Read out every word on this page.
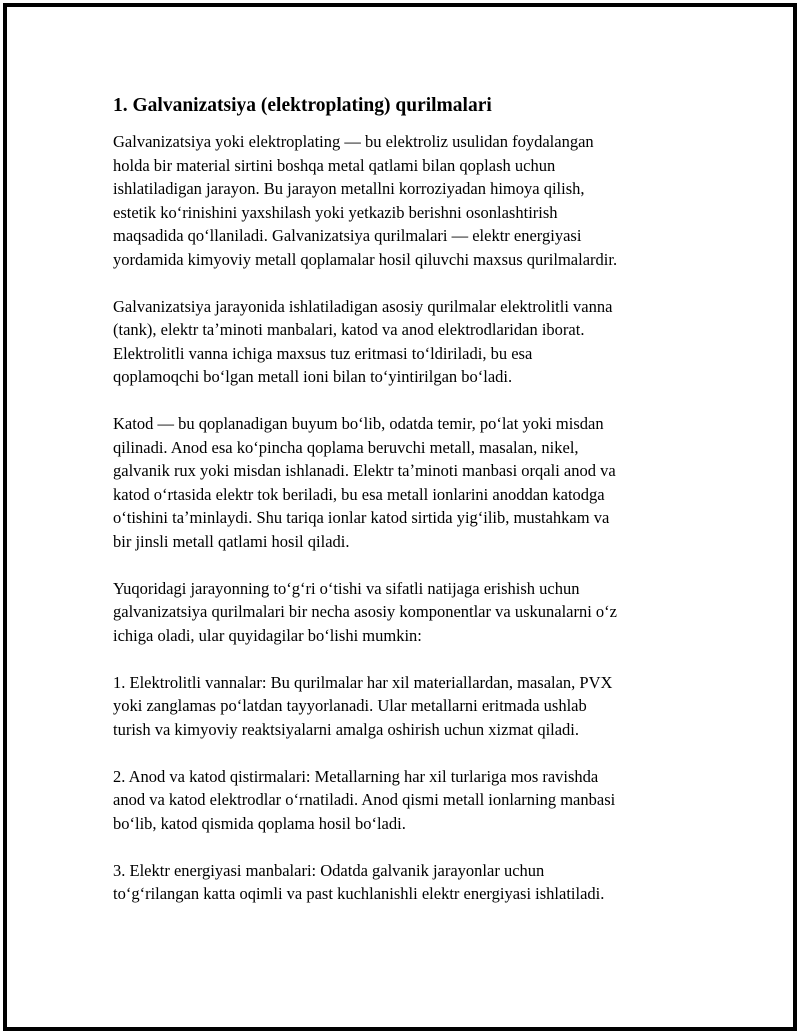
1. Galvanizatsiya (elektroplating) qurilmalari

Galvanizatsiya yoki elektroplating — bu elektroliz usulidan foydalangan
holda bir material sirtini boshqa metal qatlami bilan qoplash uchun
ishlatiladigan jarayon. Bu jarayon metallni korroziyadan himoya qilish,
estetik koʻrinishini yaxshilash yoki yetkazib berishni osonlashtirish
maqsadida qoʻllaniladi. Galvanizatsiya qurilmalari — elektr energiyasi
yordamida kimyoviy metall qoplamalar hosil qiluvchi maxsus qurilmalardir.

Galvanizatsiya jarayonida ishlatiladigan asosiy qurilmalar elektrolitli vanna
(tank), elektr taʼminoti manbalari, katod va anod elektrodlaridan iborat.
Elektrolitli vanna ichiga maxsus tuz eritmasi toʻldiriladi, bu esa
qoplamoqchi boʻlgan metall ioni bilan toʻyintirilgan boʻladi.

Katod — bu qoplanadigan buyum boʻlib, odatda temir, poʻlat yoki misdan
qilinadi. Anod esa koʻpincha qoplama beruvchi metall, masalan, nikel,
galvanik rux yoki misdan ishlanadi. Elektr taʼminoti manbasi orqali anod va
katod oʻrtasida elektr tok beriladi, bu esa metall ionlarini anoddan katodga
oʻtishini taʼminlaydi. Shu tariqa ionlar katod sirtida yigʻilib, mustahkam va
bir jinsli metall qatlami hosil qiladi.

Yuqoridagi jarayonning toʻgʻri oʻtishi va sifatli natijaga erishish uchun
galvanizatsiya qurilmalari bir necha asosiy komponentlar va uskunalarni oʻz
ichiga oladi, ular quyidagilar boʻlishi mumkin:

1. Elektrolitli vannalar: Bu qurilmalar har xil materiallardan, masalan, PVX
yoki zanglamas poʻlatdan tayyorlanadi. Ular metallarni eritmada ushlab
turish va kimyoviy reaktsiyalarni amalga oshirish uchun xizmat qiladi.

2. Anod va katod qistirmalari: Metallarning har xil turlariga mos ravishda
anod va katod elektrodlar oʻrnatiladi. Anod qismi metall ionlarning manbasi
boʻlib, katod qismida qoplama hosil boʻladi.

3. Elektr energiyasi manbalari: Odatda galvanik jarayonlar uchun
toʻgʻrilangan katta oqimli va past kuchlanishli elektr energiyasi ishlatiladi.
